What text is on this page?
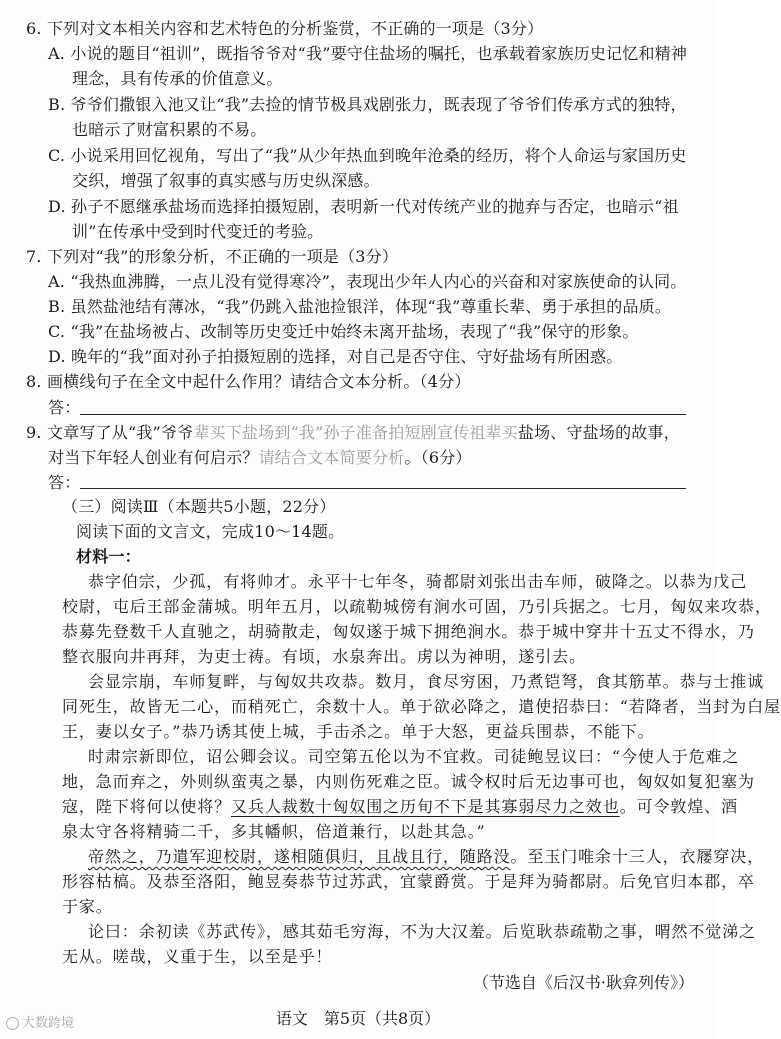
6. 下列对文本相关内容和艺术特色的分析鉴赏，不正确的一项是（3分）
A. 小说的题目“祖训”，既指爷爷对“我”要守住盐场的嘱托，也承载着家族历史记忆和精神
理念，具有传承的价值意义。
B. 爷爷们撒银入池又让“我”去捡的情节极具戏剧张力，既表现了爷爷们传承方式的独特，
也暗示了财富积累的不易。
C. 小说采用回忆视角，写出了“我”从少年热血到晚年沧桑的经历，将个人命运与家国历史
交织，增强了叙事的真实感与历史纵深感。
D. 孙子不愿继承盐场而选择拍摄短剧，表明新一代对传统产业的抛弃与否定，也暗示“祖
训”在传承中受到时代变迁的考验。
7. 下列对“我”的形象分析，不正确的一项是（3分）
A. “我热血沸腾，一点儿没有觉得寒冷”，表现出少年人内心的兴奋和对家族使命的认同。
B. 虽然盐池结有薄冰，“我”仍跳入盐池捡银洋，体现“我”尊重长辈、勇于承担的品质。
C. “我”在盐场被占、改制等历史变迁中始终未离开盐场，表现了“我”保守的形象。
D. 晚年的“我”面对孙子拍摄短剧的选择，对自己是否守住、守好盐场有所困惑。
8. 画横线句子在全文中起什么作用？请结合文本分析。（4分）
答：
9. 文章写了从“我”爷爷辈买下盐场到“我”孙子准备拍短剧宣传祖辈买盐场、守盐场的故事，
对当下年轻人创业有何启示？请结合文本简要分析。（6分）
答：
（三）阅读Ⅲ（本题共5小题，22分）
阅读下面的文言文，完成10～14题。
材料一：
恭字伯宗，少孤，有将帅才。永平十七年冬，骑都尉刘张出击车师，破降之。以恭为戊己
校尉，屯后王部金蒲城。明年五月，以疏勒城傍有涧水可固，乃引兵据之。七月，匈奴来攻恭，
恭募先登数千人直驰之，胡骑散走，匈奴遂于城下拥绝涧水。恭于城中穿井十五丈不得水，乃
整衣服向井再拜，为吏士祷。有顷，水泉奔出。虏以为神明，遂引去。
会显宗崩，车师复畔，与匈奴共攻恭。数月，食尽穷困，乃煮铠弩，食其筋革。恭与士推诚
同死生，故皆无二心，而稍死亡，余数十人。单于欲必降之，遣使招恭曰：“若降者，当封为白屋
王，妻以女子。”恭乃诱其使上城，手击杀之。单于大怒，更益兵围恭，不能下。
时肃宗新即位，诏公卿会议。司空第五伦以为不宜救。司徒鲍昱议曰：“今使人于危难之
地，急而弃之，外则纵蛮夷之暴，内则伤死难之臣。诚令权时后无边事可也，匈奴如复犯塞为
寇，陛下将何以使将？又兵人裁数十匈奴围之历旬不下是其寡弱尽力之效也。可令敦煌、酒
泉太守各将精骑二千，多其幡帜，倍道兼行，以赴其急。”
帝然之，乃遣军迎校尉，遂相随俱归，且战且行，随路没。至玉门唯余十三人，衣屦穿决，
形容枯槁。及恭至洛阳，鲍昱奏恭节过苏武，宜蒙爵赏。于是拜为骑都尉。后免官归本郡，卒
于家。
论曰：余初读《苏武传》，感其茹毛穷海，不为大汉羞。后览耿恭疏勒之事，喟然不觉涕之
无从。嗟哉，义重于生，以至是乎！
（节选自《后汉书·耿弇列传》）
语文　第5页（共8页）
大数跨境
